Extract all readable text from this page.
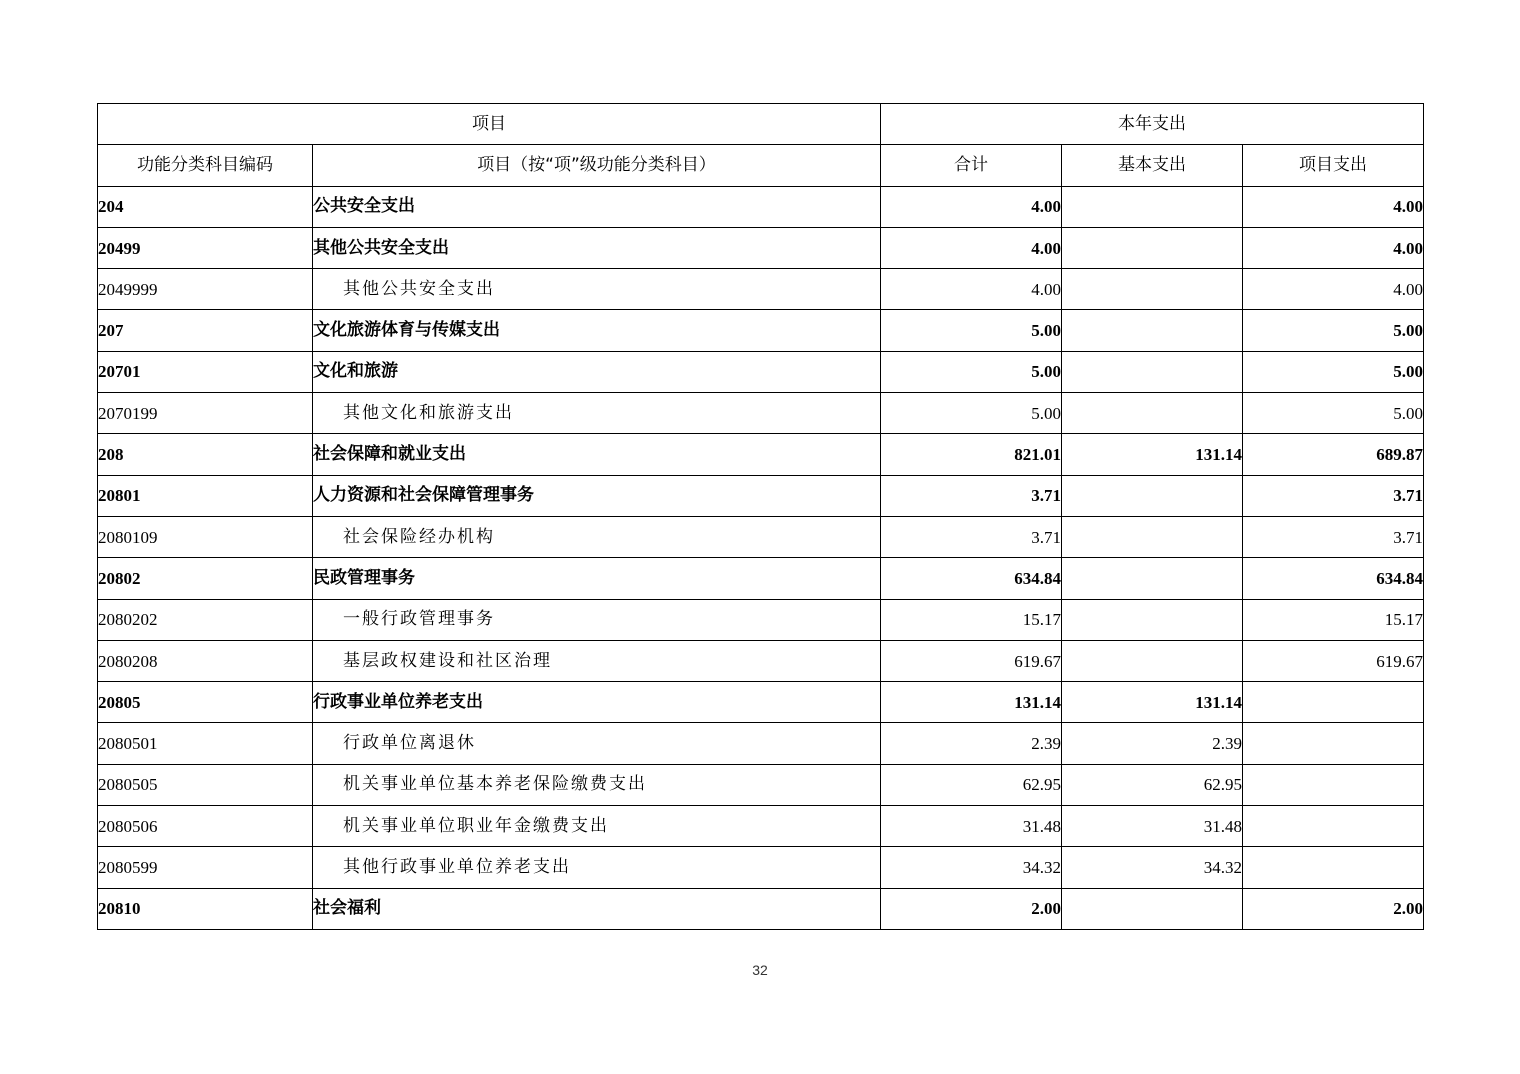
项目		本年支出		
功能分类科目编码	项目（按“项”级功能分类科目）	合计	基本支出	项目支出
204	公共安全支出	4.00		4.00
20499	其他公共安全支出	4.00		4.00
2049999	其他公共安全支出	4.00		4.00
207	文化旅游体育与传媒支出	5.00		5.00
20701	文化和旅游	5.00		5.00
2070199	其他文化和旅游支出	5.00		5.00
208	社会保障和就业支出	821.01	131.14	689.87
20801	人力资源和社会保障管理事务	3.71		3.71
2080109	社会保险经办机构	3.71		3.71
20802	民政管理事务	634.84		634.84
2080202	一般行政管理事务	15.17		15.17
2080208	基层政权建设和社区治理	619.67		619.67
20805	行政事业单位养老支出	131.14	131.14	
2080501	行政单位离退休	2.39	2.39	
2080505	机关事业单位基本养老保险缴费支出	62.95	62.95	
2080506	机关事业单位职业年金缴费支出	31.48	31.48	
2080599	其他行政事业单位养老支出	34.32	34.32	
20810	社会福利	2.00		2.00
32
